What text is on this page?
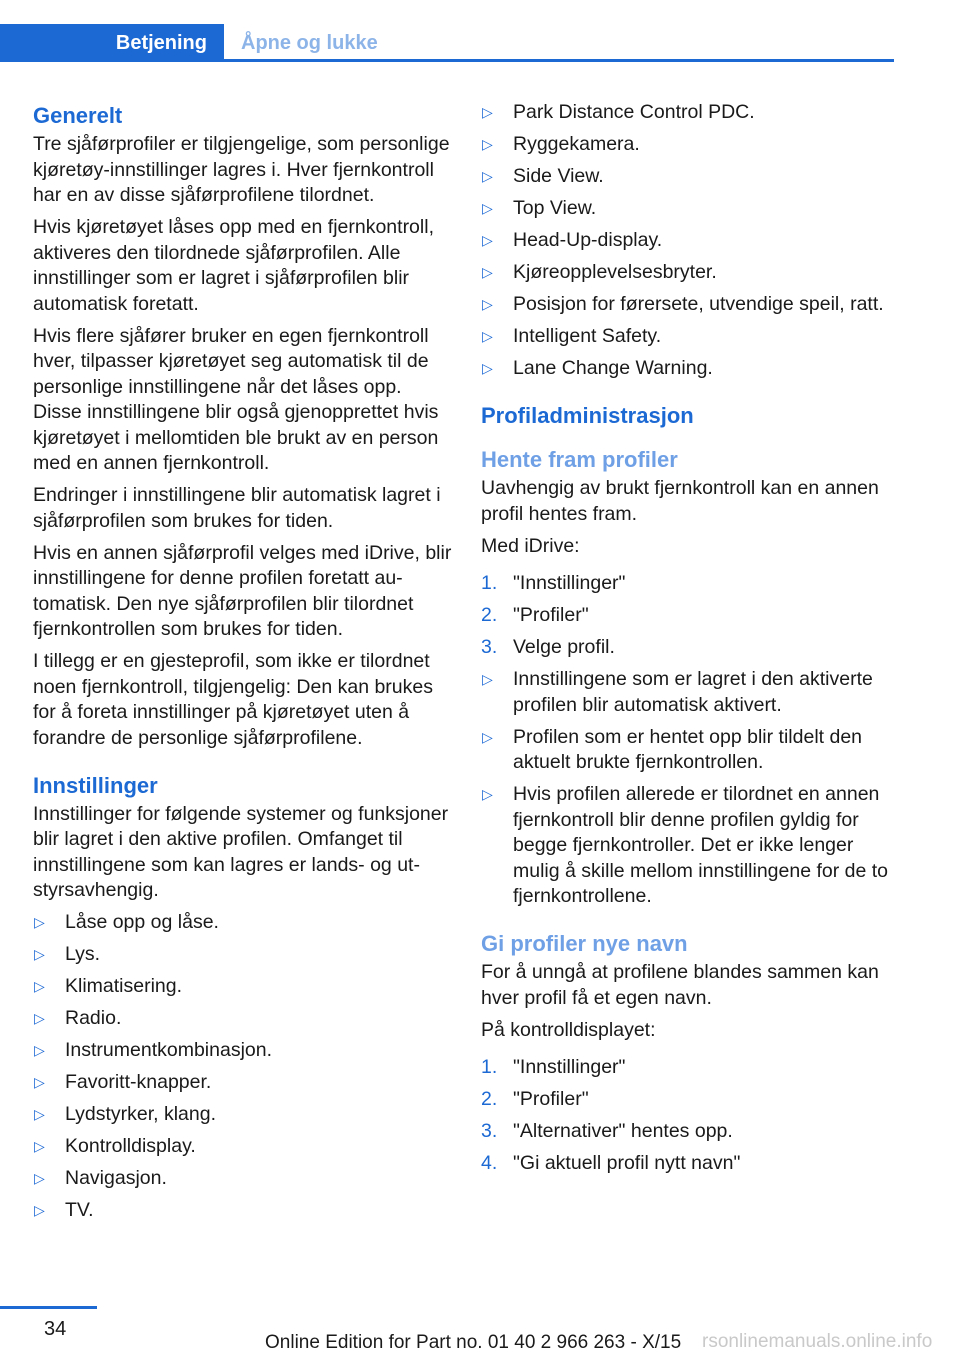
Betjening Åpne og lukke
Generelt

Tre sjåførprofiler er tilgjengelige, som personlige kjøretøy-innstillinger lagres i. Hver fjernkontroll har en av disse sjåførprofilene tilordnet.

Hvis kjøretøyet låses opp med en fjernkontroll, aktiveres den tilordnede sjåførprofilen. Alle innstillinger som er lagret i sjåførprofilen blir automatisk foretatt.

Hvis flere sjåfører bruker en egen fjernkontroll hver, tilpasser kjøretøyet seg automatisk til de personlige innstillingene når det låses opp. Disse innstillingene blir også gjenopprettet hvis kjøretøyet i mellomtiden ble brukt av en person med en annen fjernkontroll.

Endringer i innstillingene blir automatisk lagret i sjåførprofilen som brukes for tiden.

Hvis en annen sjåførprofil velges med iDrive, blir innstillingene for denne profilen foretatt automatisk. Den nye sjåførprofilen blir tilordnet fjernkontrollen som brukes for tiden.

I tillegg er en gjesteprofil, som ikke er tilordnet noen fjernkontroll, tilgjengelig: Den kan brukes for å foreta innstillinger på kjøretøyet uten å forandre de personlige sjåførprofilene.

Innstillinger

Innstillinger for følgende systemer og funksjoner blir lagret i den aktive profilen. Omfanget til innstillingene som kan lagres er lands- og utstyrsavhengig.

▷ Låse opp og låse.
▷ Lys.
▷ Klimatisering.
▷ Radio.
▷ Instrumentkombinasjon.
▷ Favoritt-knapper.
▷ Lydstyrker, klang.
▷ Kontrolldisplay.
▷ Navigasjon.
▷ TV.
▷ Park Distance Control PDC.
▷ Ryggekamera.
▷ Side View.
▷ Top View.
▷ Head-Up-display.
▷ Kjøreopplevelsesbryter.
▷ Posisjon for førersete, utvendige speil, ratt.
▷ Intelligent Safety.
▷ Lane Change Warning.
Profiladministrasjon
Hente fram profiler

Uavhengig av brukt fjernkontroll kan en annen profil hentes fram.

Med iDrive:

1. "Innstillinger"
2. "Profiler"
3. Velge profil.
▷ Innstillingene som er lagret i den aktiverte profilen blir automatisk aktivert.
▷ Profilen som er hentet opp blir tildelt den aktuelt brukte fjernkontrollen.
▷ Hvis profilen allerede er tilordnet en annen fjernkontroll blir denne profilen gyldig for begge fjernkontroller. Det er ikke lenger mulig å skille mellom innstillingene for de to fjernkontrollene.
Gi profiler nye navn

For å unngå at profilene blandes sammen kan hver profil få et egen navn.

På kontrolldisplayet:

1. "Innstillinger"
2. "Profiler"
3. "Alternativer" hentes opp.
4. "Gi aktuell profil nytt navn"
34
Online Edition for Part no. 01 40 2 966 263 - X/15 rsonlinemanuals.online.info
